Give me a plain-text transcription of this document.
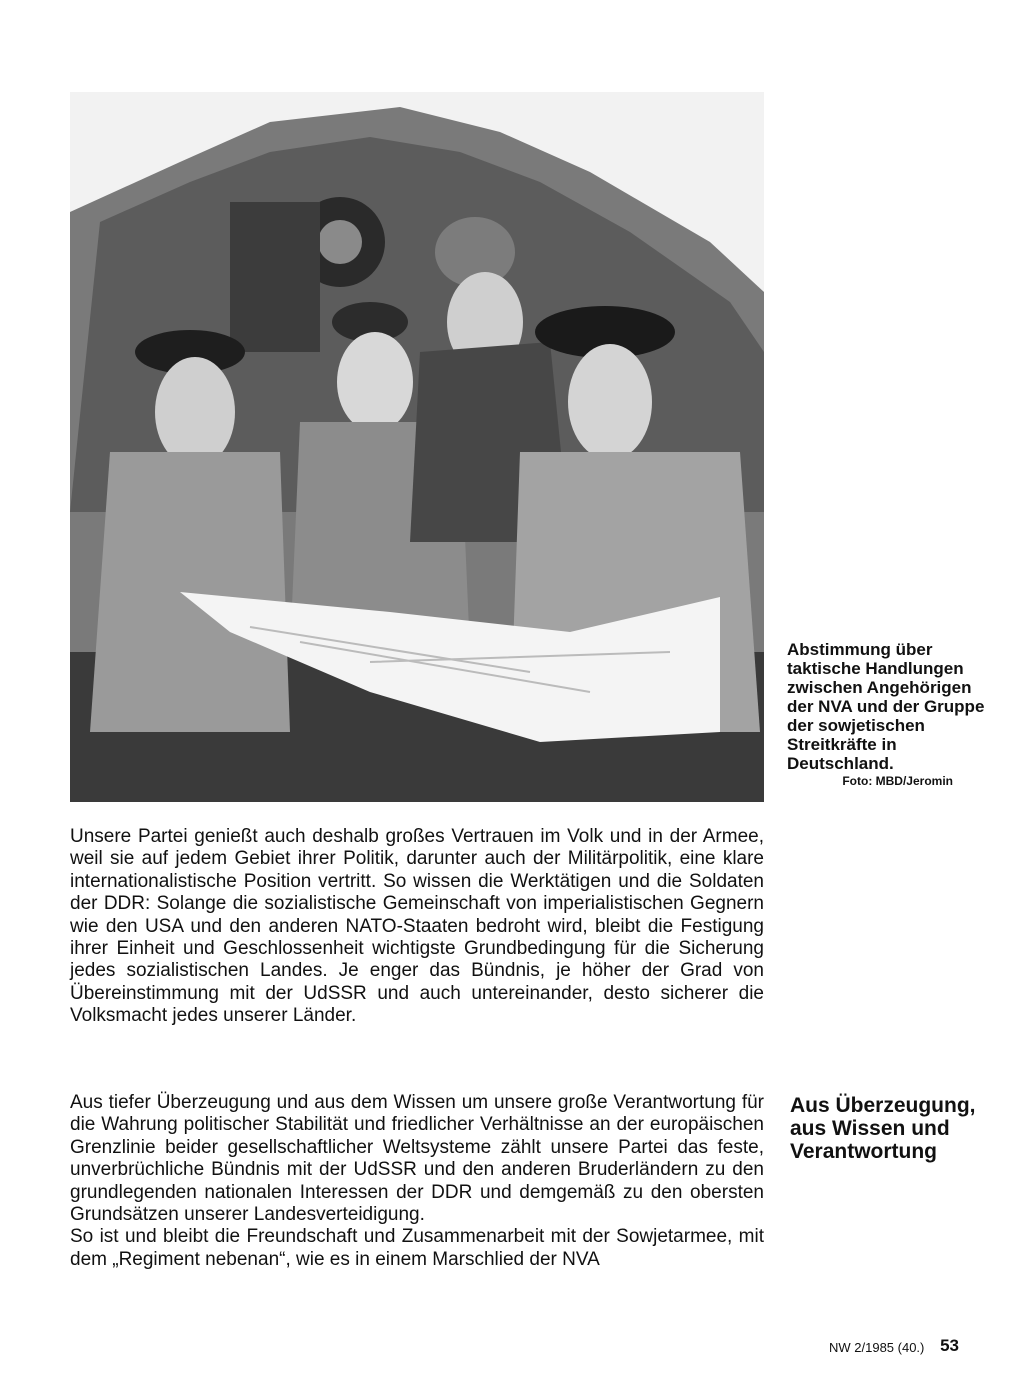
Abstimmung über taktische Handlungen zwischen Angehörigen der NVA und der Gruppe der sowjetischen Streitkräfte in Deutschland.
Foto: MBD/Jeromin
Unsere Partei genießt auch deshalb großes Vertrauen im Volk und in der Armee, weil sie auf jedem Gebiet ihrer Politik, darunter auch der Militärpolitik, eine klare internationalistische Position vertritt. So wissen die Werktätigen und die Soldaten der DDR: Solange die sozialistische Gemeinschaft von imperialistischen Gegnern wie den USA und den anderen NATO-Staaten bedroht wird, bleibt die Festigung ihrer Einheit und Geschlossenheit wichtigste Grundbedingung für die Sicherung jedes sozialistischen Landes. Je enger das Bündnis, je höher der Grad von Übereinstimmung mit der UdSSR und auch untereinander, desto sicherer die Volksmacht jedes unserer Länder.
Aus tiefer Überzeugung und aus dem Wissen um unsere große Verantwortung für die Wahrung politischer Stabilität und friedlicher Verhältnisse an der europäischen Grenzlinie beider gesellschaftlicher Weltsysteme zählt unsere Partei das feste, unverbrüchliche Bündnis mit der UdSSR und den anderen Bruderländern zu den grundlegenden nationalen Interessen der DDR und demgemäß zu den obersten Grundsätzen unserer Landesverteidigung.
So ist und bleibt die Freundschaft und Zusammenarbeit mit der Sowjetarmee, mit dem „Regiment nebenan“, wie es in einem Marschlied der NVA
Aus Überzeugung, aus Wissen und Verantwortung
NW 2/1985 (40.) 53
